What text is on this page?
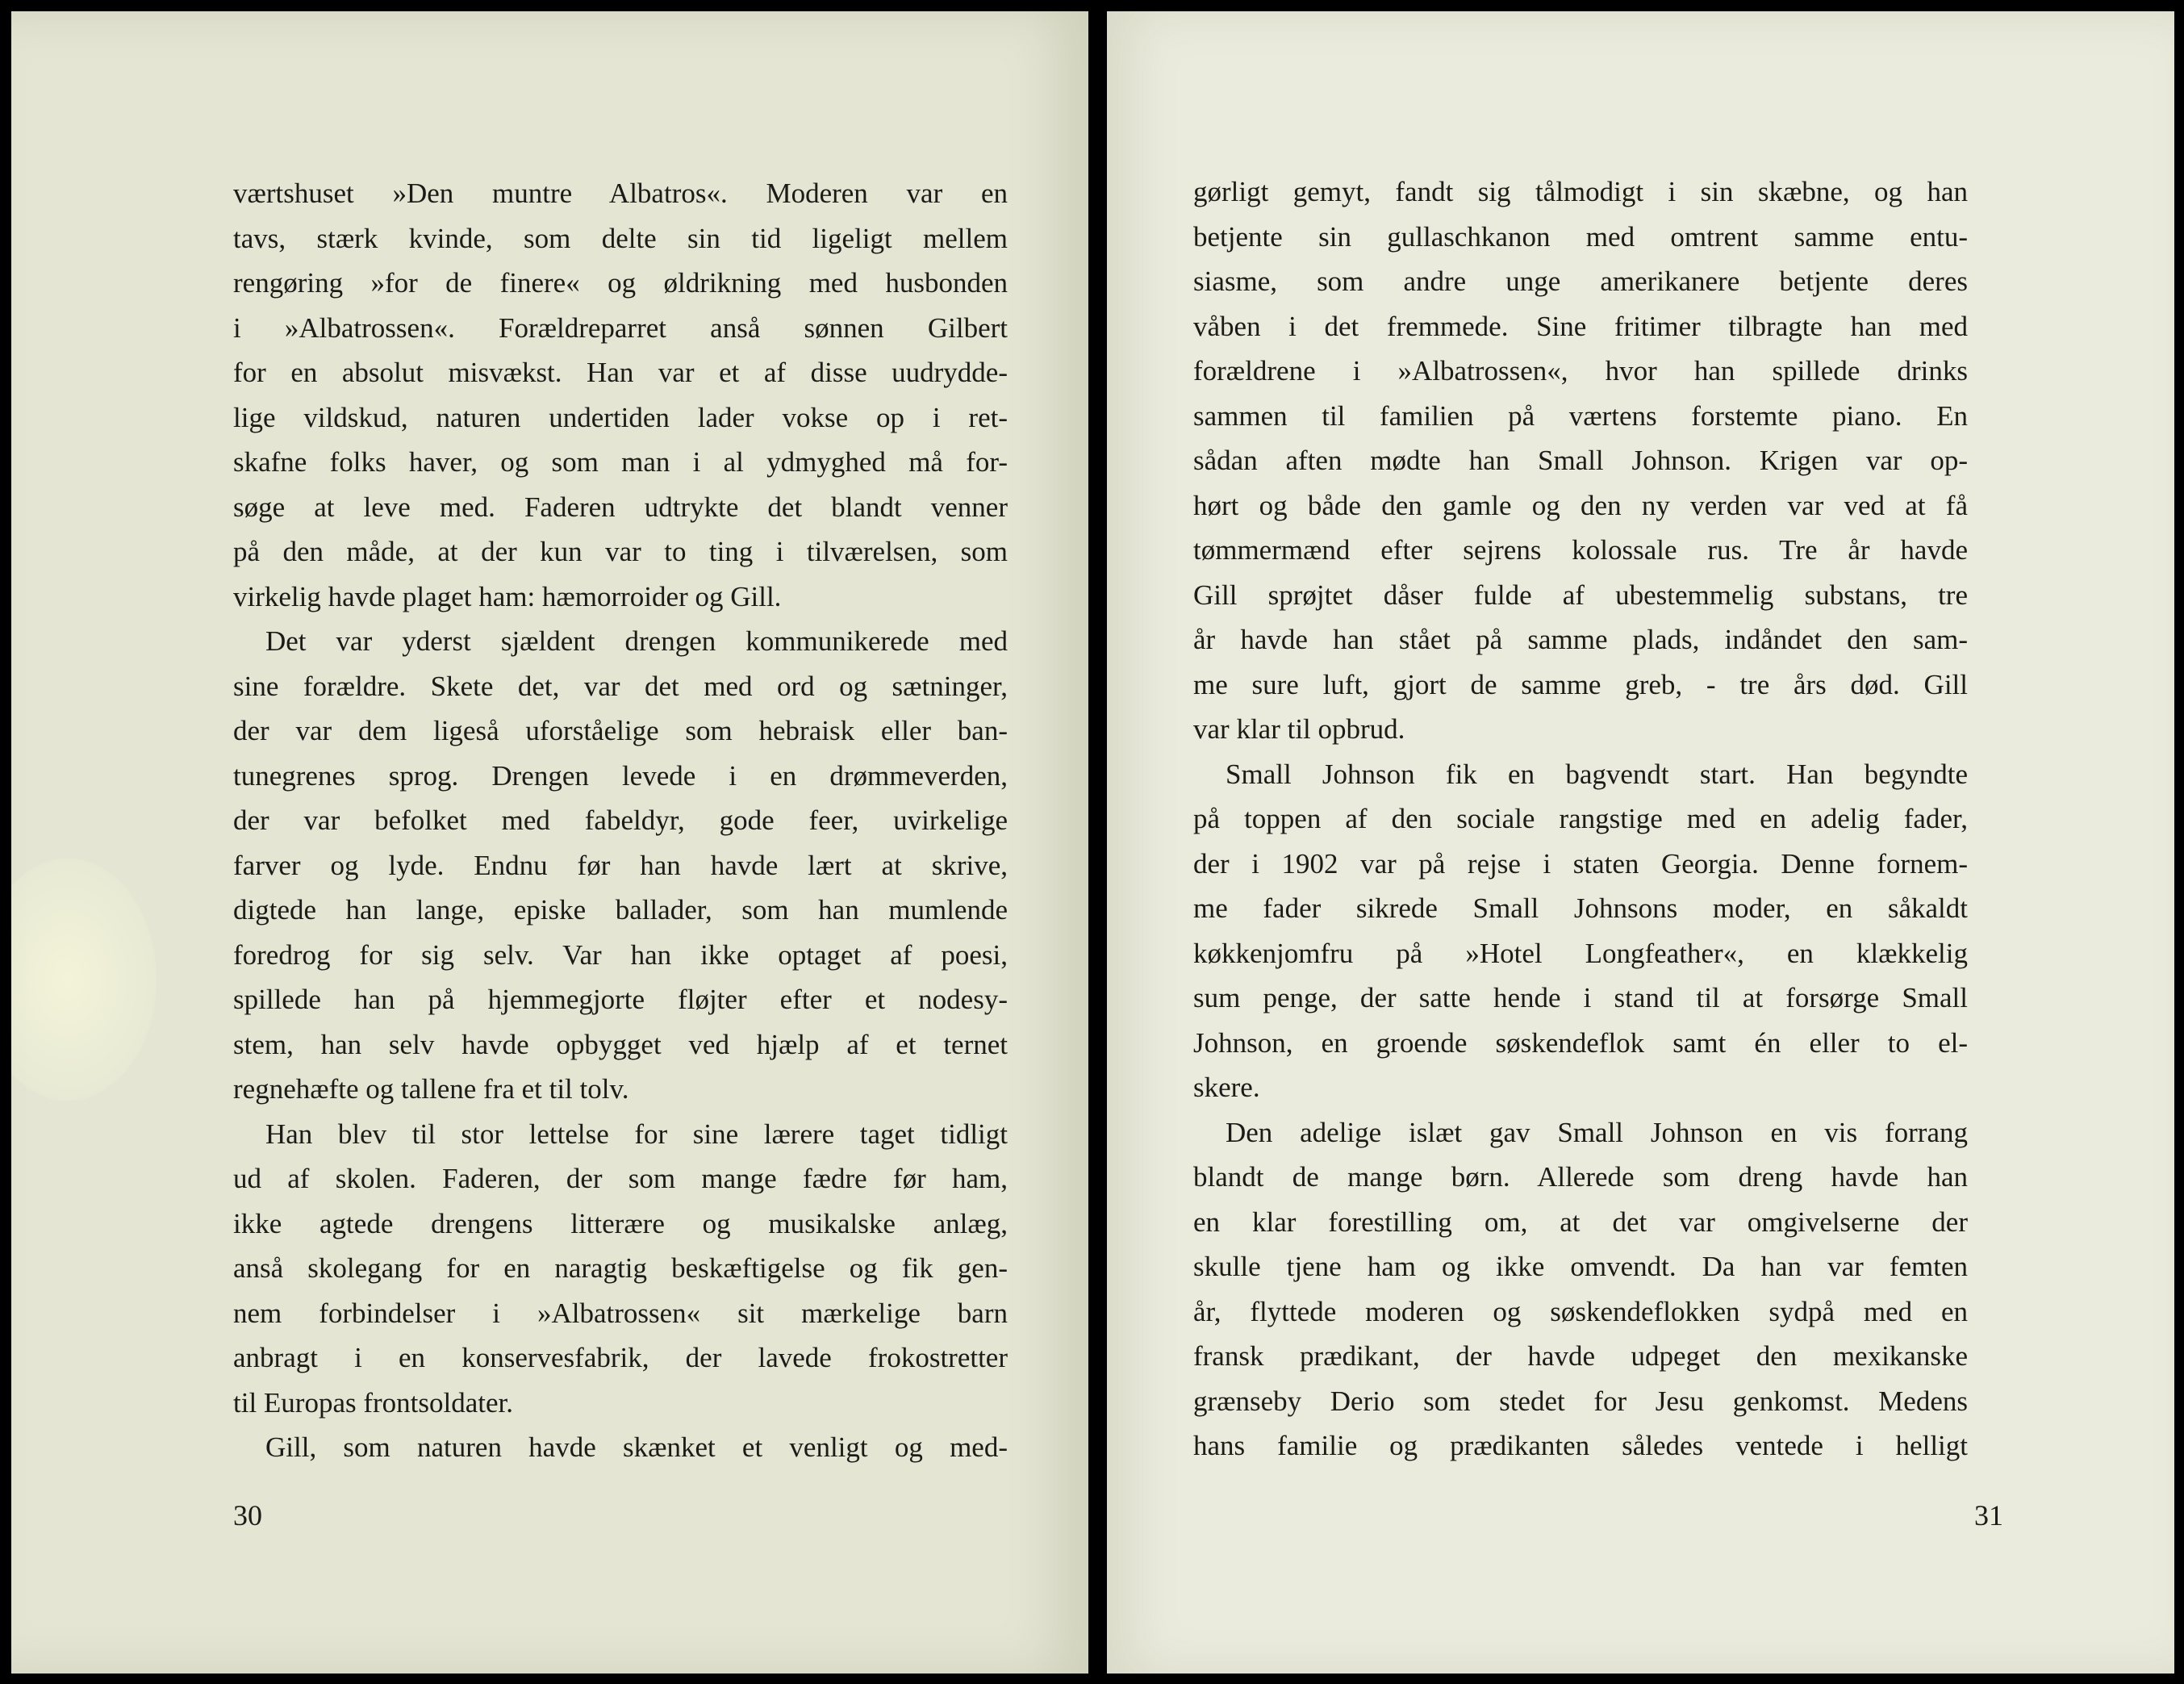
værtshuset »Den muntre Albatros«. Moderen var en
tavs, stærk kvinde, som delte sin tid ligeligt mellem
rengøring »for de finere« og øldrikning med husbonden
i »Albatrossen«. Forældreparret anså sønnen Gilbert
for en absolut misvækst. Han var et af disse uudrydde-
lige vildskud, naturen undertiden lader vokse op i ret-
skafne folks haver, og som man i al ydmyghed må for-
søge at leve med. Faderen udtrykte det blandt venner
på den måde, at der kun var to ting i tilværelsen, som
virkelig havde plaget ham: hæmorroider og Gill.
Det var yderst sjældent drengen kommunikerede med
sine forældre. Skete det, var det med ord og sætninger,
der var dem ligeså uforståelige som hebraisk eller ban-
tunegrenes sprog. Drengen levede i en drømmeverden,
der var befolket med fabeldyr, gode feer, uvirkelige
farver og lyde. Endnu før han havde lært at skrive,
digtede han lange, episke ballader, som han mumlende
foredrog for sig selv. Var han ikke optaget af poesi,
spillede han på hjemmegjorte fløjter efter et nodesy-
stem, han selv havde opbygget ved hjælp af et ternet
regnehæfte og tallene fra et til tolv.
Han blev til stor lettelse for sine lærere taget tidligt
ud af skolen. Faderen, der som mange fædre før ham,
ikke agtede drengens litterære og musikalske anlæg,
anså skolegang for en naragtig beskæftigelse og fik gen-
nem forbindelser i »Albatrossen« sit mærkelige barn
anbragt i en konservesfabrik, der lavede frokostretter
til Europas frontsoldater.
Gill, som naturen havde skænket et venligt og med-
30
gørligt gemyt, fandt sig tålmodigt i sin skæbne, og han
betjente sin gullaschkanon med omtrent samme entu-
siasme, som andre unge amerikanere betjente deres
våben i det fremmede. Sine fritimer tilbragte han med
forældrene i »Albatrossen«, hvor han spillede drinks
sammen til familien på værtens forstemte piano. En
sådan aften mødte han Small Johnson. Krigen var op-
hørt og både den gamle og den ny verden var ved at få
tømmermænd efter sejrens kolossale rus. Tre år havde
Gill sprøjtet dåser fulde af ubestemmelig substans, tre
år havde han stået på samme plads, indåndet den sam-
me sure luft, gjort de samme greb, - tre års død. Gill
var klar til opbrud.
Small Johnson fik en bagvendt start. Han begyndte
på toppen af den sociale rangstige med en adelig fader,
der i 1902 var på rejse i staten Georgia. Denne fornem-
me fader sikrede Small Johnsons moder, en såkaldt
køkkenjomfru på »Hotel Longfeather«, en klækkelig
sum penge, der satte hende i stand til at forsørge Small
Johnson, en groende søskendeflok samt én eller to el-
skere.
Den adelige islæt gav Small Johnson en vis forrang
blandt de mange børn. Allerede som dreng havde han
en klar forestilling om, at det var omgivelserne der
skulle tjene ham og ikke omvendt. Da han var femten
år, flyttede moderen og søskendeflokken sydpå med en
fransk prædikant, der havde udpeget den mexikanske
grænseby Derio som stedet for Jesu genkomst. Medens
hans familie og prædikanten således ventede i helligt
31
